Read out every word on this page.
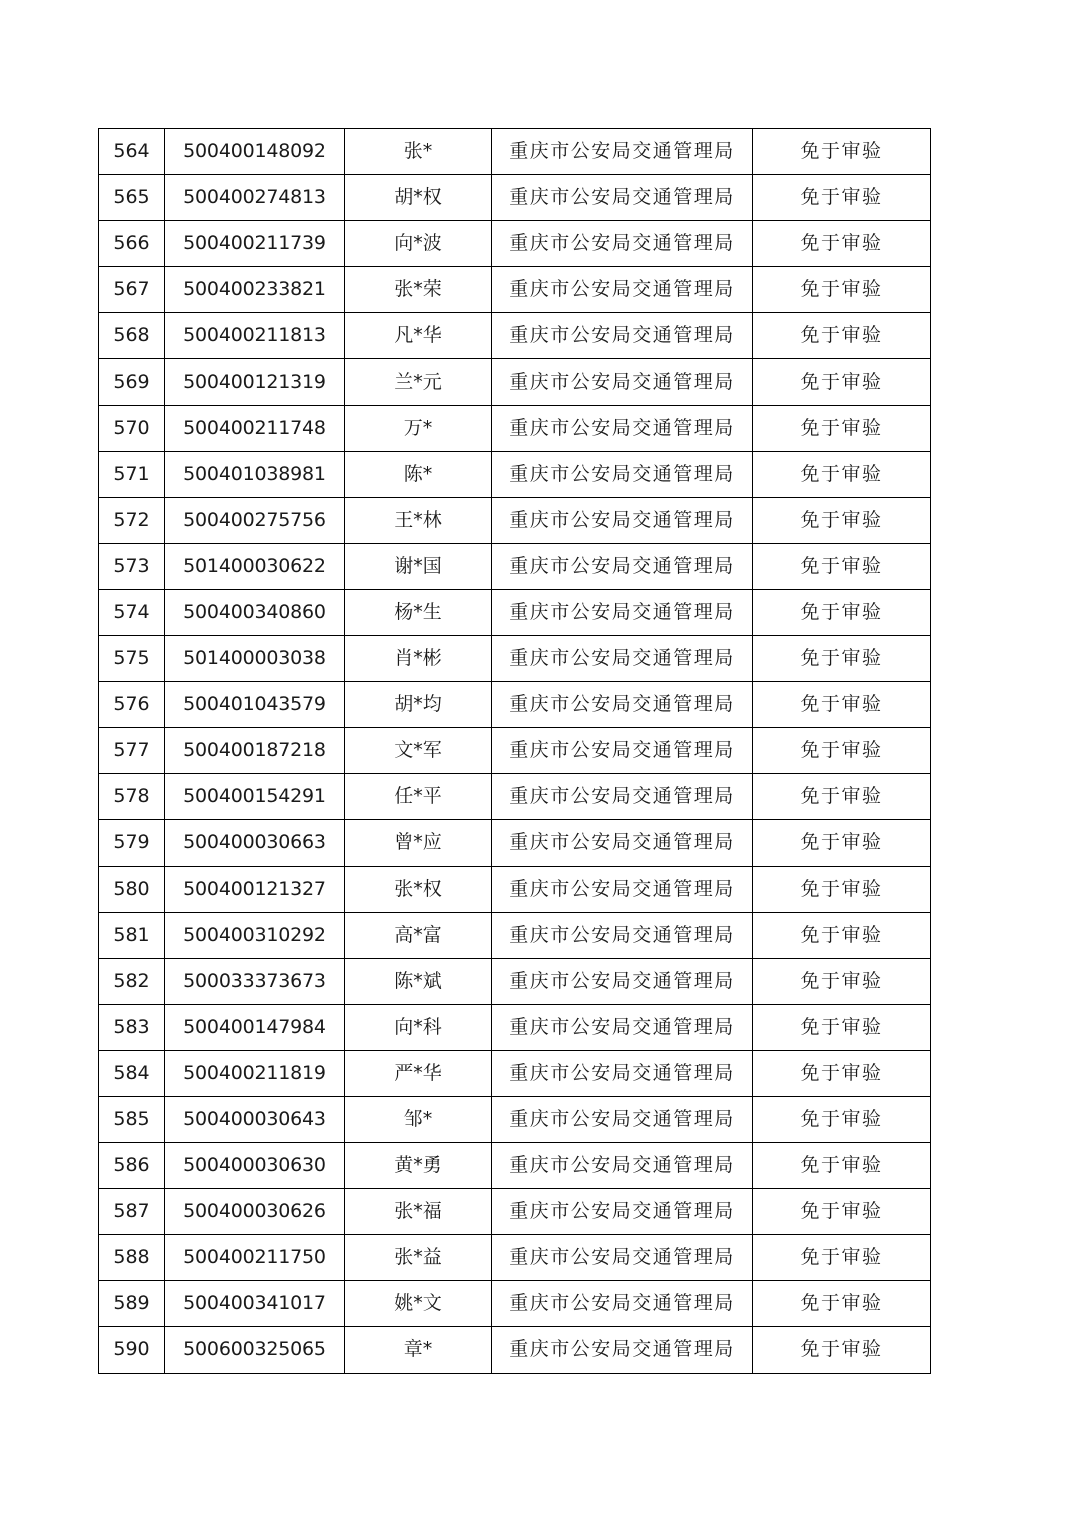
564	500400148092	张*	重庆市公安局交通管理局	免于审验
565	500400274813	胡*权	重庆市公安局交通管理局	免于审验
566	500400211739	向*波	重庆市公安局交通管理局	免于审验
567	500400233821	张*荣	重庆市公安局交通管理局	免于审验
568	500400211813	凡*华	重庆市公安局交通管理局	免于审验
569	500400121319	兰*元	重庆市公安局交通管理局	免于审验
570	500400211748	万*	重庆市公安局交通管理局	免于审验
571	500401038981	陈*	重庆市公安局交通管理局	免于审验
572	500400275756	王*林	重庆市公安局交通管理局	免于审验
573	501400030622	谢*国	重庆市公安局交通管理局	免于审验
574	500400340860	杨*生	重庆市公安局交通管理局	免于审验
575	501400003038	肖*彬	重庆市公安局交通管理局	免于审验
576	500401043579	胡*均	重庆市公安局交通管理局	免于审验
577	500400187218	文*军	重庆市公安局交通管理局	免于审验
578	500400154291	任*平	重庆市公安局交通管理局	免于审验
579	500400030663	曾*应	重庆市公安局交通管理局	免于审验
580	500400121327	张*权	重庆市公安局交通管理局	免于审验
581	500400310292	高*富	重庆市公安局交通管理局	免于审验
582	500033373673	陈*斌	重庆市公安局交通管理局	免于审验
583	500400147984	向*科	重庆市公安局交通管理局	免于审验
584	500400211819	严*华	重庆市公安局交通管理局	免于审验
585	500400030643	邹*	重庆市公安局交通管理局	免于审验
586	500400030630	黄*勇	重庆市公安局交通管理局	免于审验
587	500400030626	张*福	重庆市公安局交通管理局	免于审验
588	500400211750	张*益	重庆市公安局交通管理局	免于审验
589	500400341017	姚*文	重庆市公安局交通管理局	免于审验
590	500600325065	章*	重庆市公安局交通管理局	免于审验
